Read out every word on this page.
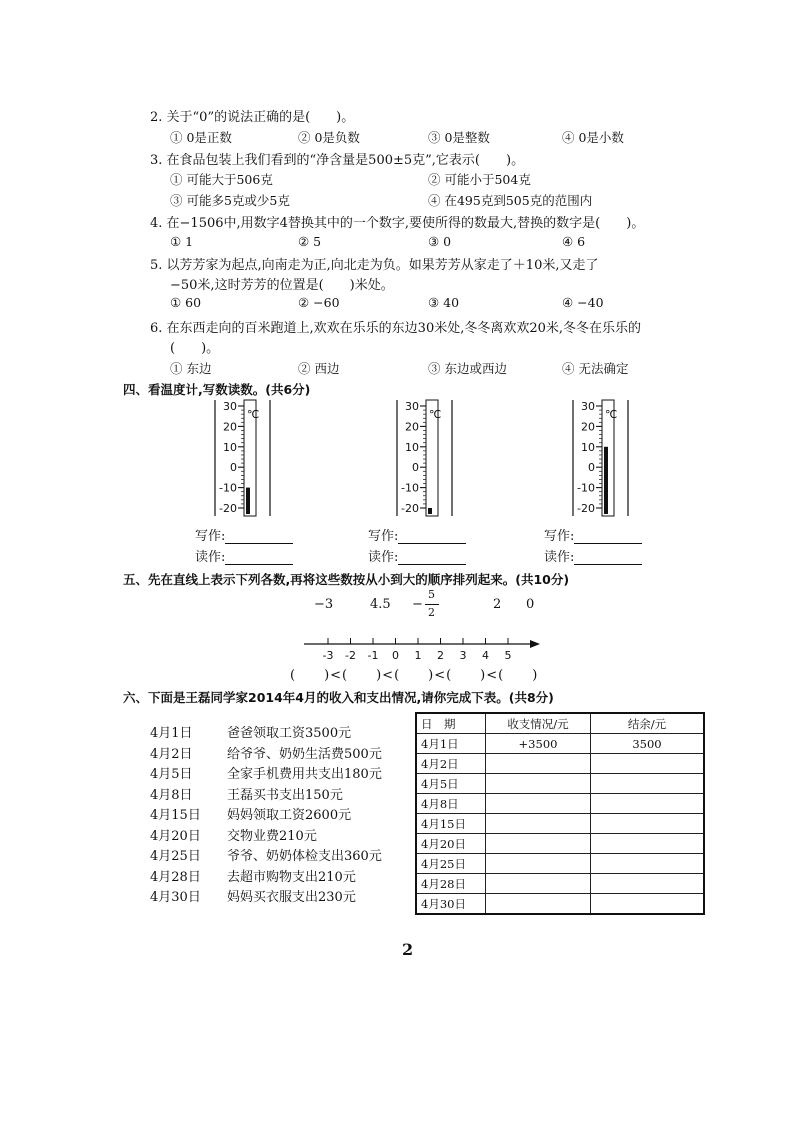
2. 关于“0”的说法正确的是(　　)。
① 0是正数	② 0是负数	③ 0是整数	④ 0是小数
3. 在食品包装上我们看到的“净含量是500±5克”,它表示(　　)。
① 可能大于506克	② 可能小于504克
③ 可能多5克或少5克	④ 在495克到505克的范围内
4. 在−1506中,用数字4替换其中的一个数字,要使所得的数最大,替换的数字是(　　)。
① 1	② 5	③ 0	④ 6
5. 以芳芳家为起点,向南走为正,向北走为负。如果芳芳从家走了＋10米,又走了
−50米,这时芳芳的位置是(　　)米处。
① 60	② −60	③ 40	④ −40
6. 在东西走向的百米跑道上,欢欢在乐乐的东边30米处,冬冬离欢欢20米,冬冬在乐乐的
(　　)。
① 东边	② 西边	③ 东边或西边	④ 无法确定
四、看温度计,写数读数。(共6分)
30
20
10
0
-10
-20
℃
30
20
10
0
-10
-20
℃
30
20
10
0
-10
-20
℃
写作:
读作:
写作:
读作:
写作:
读作:
五、先在直线上表示下列各数,再将这些数按从小到大的顺序排列起来。(共10分)
−3	4.5 −
5
2
2 0
-3 -2 -1 0 1 2 3 4 5
(　　)<(　　)<(　　)<(　　)<(　　)
六、下面是王磊同学家2014年4月的收入和支出情况,请你完成下表。(共8分)
4月1日	爸爸领取工资3500元
4月2日	给爷爷、奶奶生活费500元
4月5日	全家手机费用共支出180元
4月8日	王磊买书支出150元
4月15日 妈妈领取工资2600元
4月20日 交物业费210元
4月25日 爷爷、奶奶体检支出360元
4月28日 去超市购物支出210元
4月30日 妈妈买衣服支出230元
日　期	收支情况/元	结余/元
4月1日	+3500	3500
4月2日		
4月5日		
4月8日		
4月15日		
4月20日		
4月25日		
4月28日		
4月30日		
2
